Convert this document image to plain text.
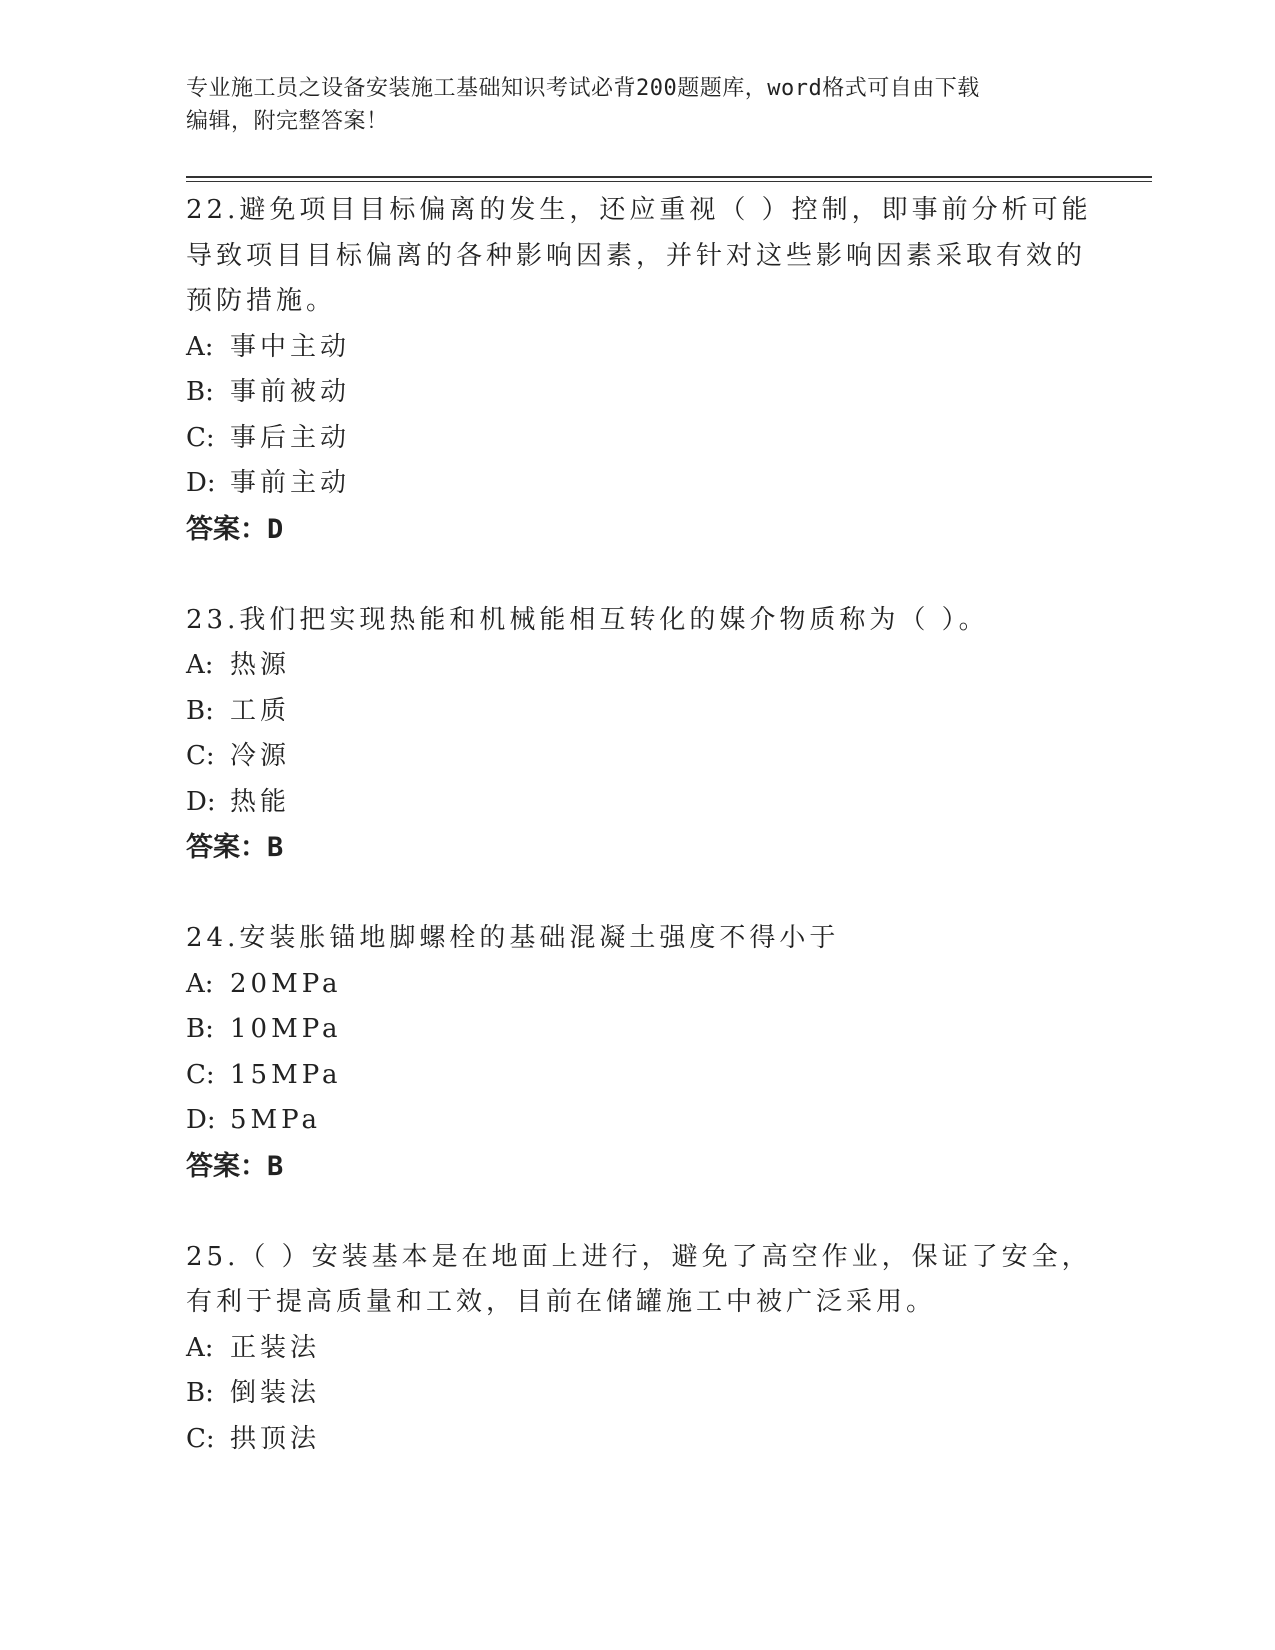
专业施工员之设备安装施工基础知识考试必背200题题库，word格式可自由下载
编辑，附完整答案！

22.避免项目目标偏离的发生，还应重视（ ）控制，即事前分析可能导致项目目标偏离的各种影响因素，并针对这些影响因素采取有效的预防措施。

A: 事中主动

B: 事前被动

C: 事后主动

D: 事前主动

答案：D

23.我们把实现热能和机械能相互转化的媒介物质称为（ ）。

A: 热源

B: 工质

C: 冷源

D: 热能

答案：B

24.安装胀锚地脚螺栓的基础混凝土强度不得小于

A: 20MPa

B: 10MPa

C: 15MPa

D: 5MPa

答案：B

25.（ ）安装基本是在地面上进行，避免了高空作业，保证了安全，有利于提高质量和工效，目前在储罐施工中被广泛采用。

A: 正装法

B: 倒装法

C: 拱顶法
